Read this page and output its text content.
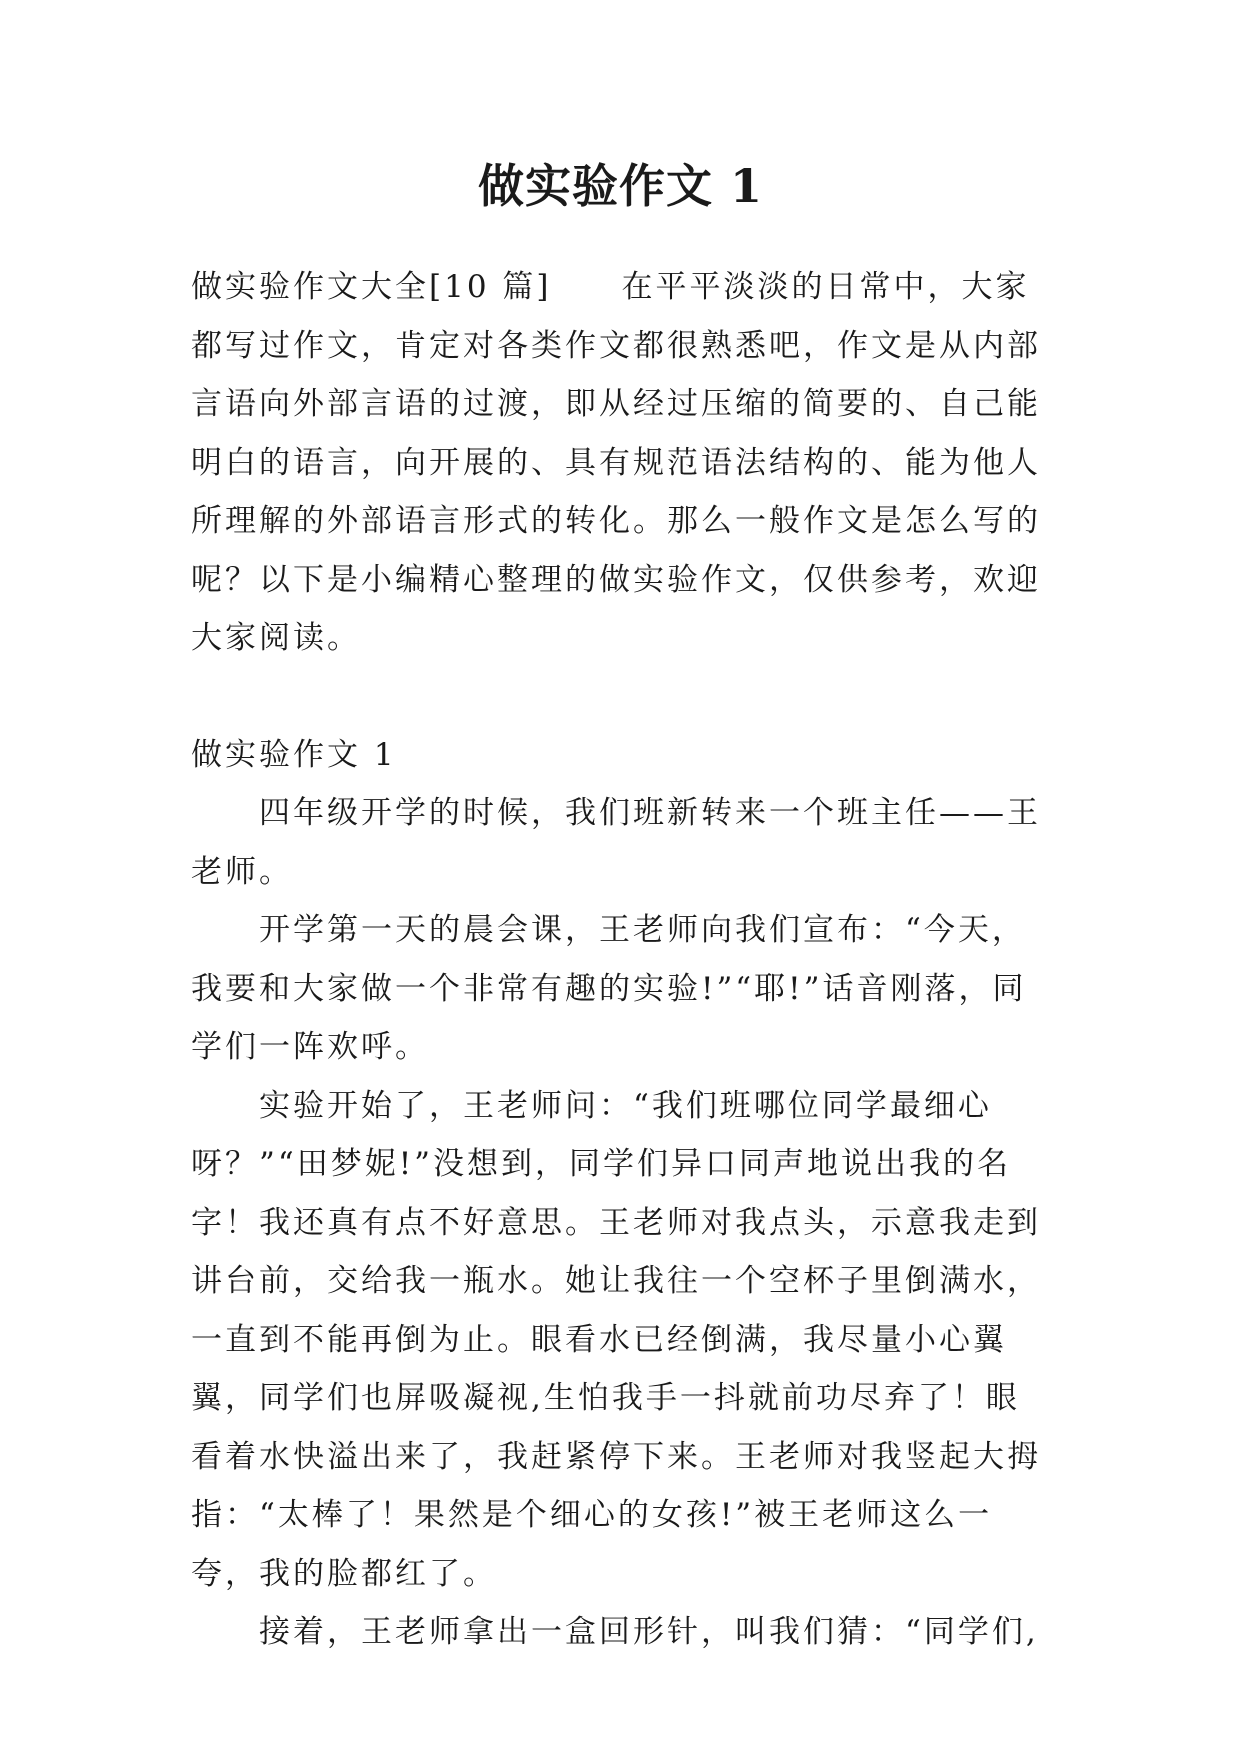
做实验作文 1

做实验作文大全[10 篇] 在平平淡淡的日常中，大家都写过作文，肯定对各类作文都很熟悉吧，作文是从内部言语向外部言语的过渡，即从经过压缩的简要的、自己能明白的语言，向开展的、具有规范语法结构的、能为他人所理解的外部语言形式的转化。那么一般作文是怎么写的呢？以下是小编精心整理的做实验作文，仅供参考，欢迎大家阅读。

做实验作文 1

四年级开学的时候，我们班新转来一个班主任——王老师。

开学第一天的晨会课，王老师向我们宣布：“今天，我要和大家做一个非常有趣的实验!”“耶!”话音刚落，同学们一阵欢呼。

实验开始了，王老师问：“我们班哪位同学最细心呀？”“田梦妮!”没想到，同学们异口同声地说出我的名字！我还真有点不好意思。王老师对我点头，示意我走到讲台前，交给我一瓶水。她让我往一个空杯子里倒满水，一直到不能再倒为止。眼看水已经倒满，我尽量小心翼翼，同学们也屏吸凝视,生怕我手一抖就前功尽弃了！眼看着水快溢出来了，我赶紧停下来。王老师对我竖起大拇指：“太棒了！果然是个细心的女孩!”被王老师这么一夸，我的脸都红了。

接着，王老师拿出一盒回形针，叫我们猜：“同学们,
